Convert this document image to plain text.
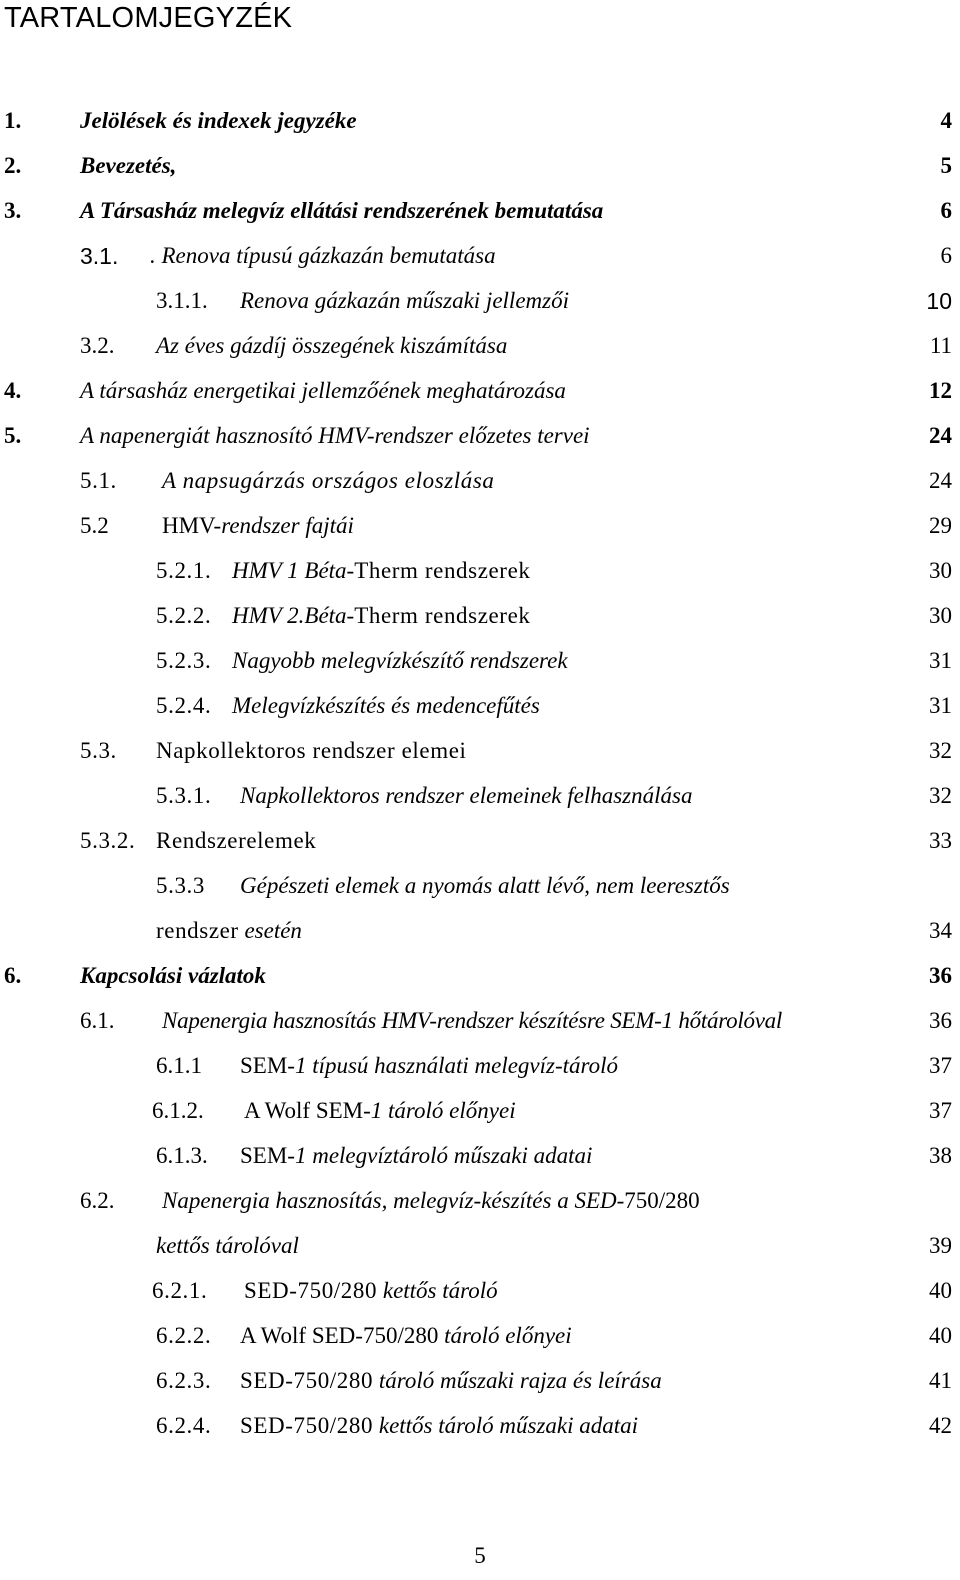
TARTALOMJEGYZÉK
1.	Jelölések és indexek jegyzéke	4
2.	Bevezetés,	5
3.	A Társasház melegvíz ellátási rendszerének bemutatása	6
3.1. . Renova típusú gázkazán bemutatása	6
3.1.1. Renova gázkazán műszaki jellemzői	10
3.2. Az éves gázdíj összegének kiszámítása	11
4.	A társasház energetikai jellemzőének meghatározása	12
5.	A napenergiát hasznosító HMV-rendszer előzetes tervei	24
5.1. A napsugárzás országos eloszlása	24
5.2 HMV-rendszer fajtái	29
5.2.1. HMV 1 Béta-Therm rendszerek	30
5.2.2. HMV 2.Béta-Therm rendszerek	30
5.2.3. Nagyobb melegvízkészítő rendszerek	31
5.2.4. Melegvízkészítés és medencefűtés	31
5.3. Napkollektoros rendszer elemei	32
5.3.1. Napkollektoros rendszer elemeinek felhasználása	32
5.3.2. Rendszerelemek	33
5.3.3 Gépészeti elemek a nyomás alatt lévő, nem leeresztős
rendszer esetén	34
6.	Kapcsolási vázlatok	36
6.1. Napenergia hasznosítás HMV-rendszer készítésre SEM-1 hőtárolóval	36
6.1.1 SEM-1 típusú használati melegvíz-tároló	37
6.1.2. A Wolf SEM-1 tároló előnyei	37
6.1.3. SEM-1 melegvíztároló műszaki adatai	38
6.2. Napenergia hasznosítás, melegvíz-készítés a SED-750/280
kettős tárolóval	39
6.2.1. SED-750/280 kettős tároló	40
6.2.2. A Wolf SED-750/280 tároló előnyei	40
6.2.3. SED-750/280 tároló műszaki rajza és leírása	41
6.2.4. SED-750/280 kettős tároló műszaki adatai	42
5
